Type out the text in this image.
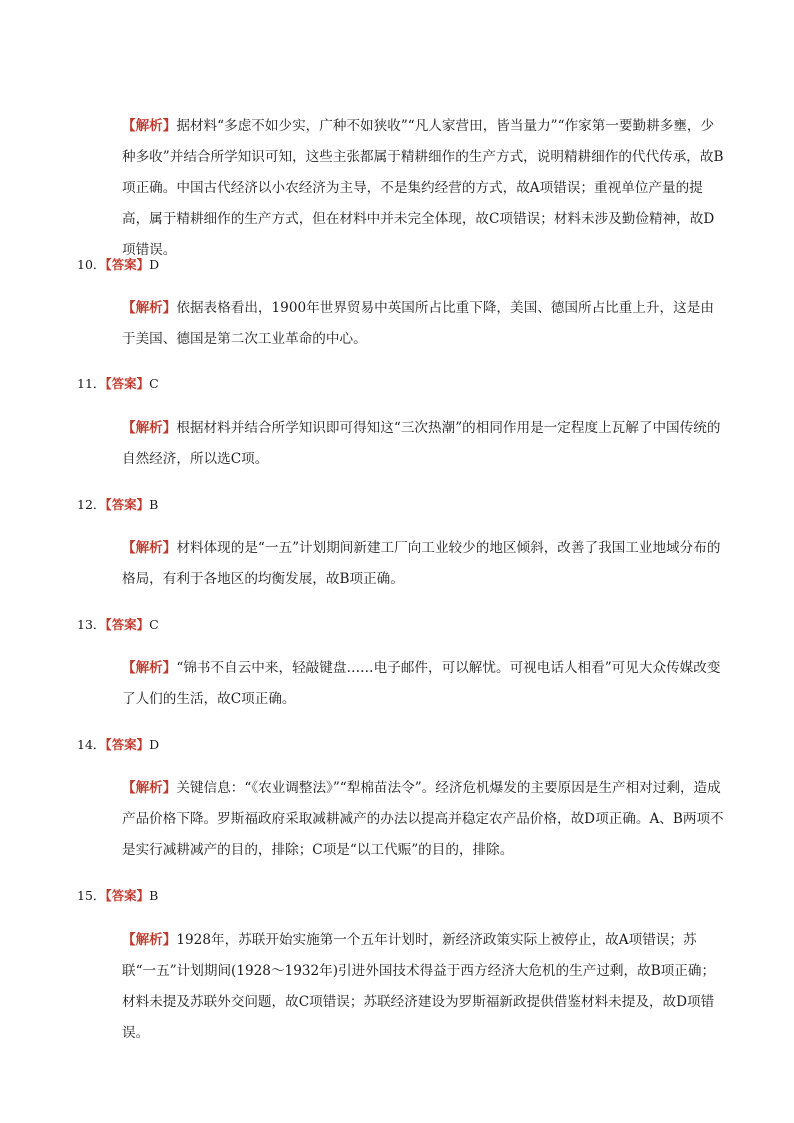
【解析】据材料“多虑不如少实，广种不如狭收”“凡人家营田，皆当量力”“作家第一要勤耕多壅，少种多收”并结合所学知识可知，这些主张都属于精耕细作的生产方式，说明精耕细作的代代传承，故B项正确。中国古代经济以小农经济为主导，不是集约经营的方式，故A项错误；重视单位产量的提高，属于精耕细作的生产方式，但在材料中并未完全体现，故C项错误；材料未涉及勤俭精神，故D项错误。

10．【答案】D

【解析】依据表格看出，1900年世界贸易中英国所占比重下降，美国、德国所占比重上升，这是由于美国、德国是第二次工业革命的中心。

11．【答案】C

【解析】根据材料并结合所学知识即可得知这“三次热潮”的相同作用是一定程度上瓦解了中国传统的自然经济，所以选C项。

12．【答案】B

【解析】材料体现的是“一五”计划期间新建工厂向工业较少的地区倾斜，改善了我国工业地域分布的格局，有利于各地区的均衡发展，故B项正确。

13．【答案】C

【解析】“锦书不自云中来，轻敲键盘……电子邮件，可以解忧。可视电话人相看”可见大众传媒改变了人们的生活，故C项正确。

14．【答案】D

【解析】关键信息：“《农业调整法》”“犁棉苗法令”。经济危机爆发的主要原因是生产相对过剩，造成产品价格下降。罗斯福政府采取减耕减产的办法以提高并稳定农产品价格，故D项正确。A、B两项不是实行减耕减产的目的，排除；C项是“以工代赈”的目的，排除。

15．【答案】B

【解析】1928年，苏联开始实施第一个五年计划时，新经济政策实际上被停止，故A项错误；苏联“一五”计划期间(1928～1932年)引进外国技术得益于西方经济大危机的生产过剩，故B项正确；材料未提及苏联外交问题，故C项错误；苏联经济建设为罗斯福新政提供借鉴材料未提及，故D项错误。
